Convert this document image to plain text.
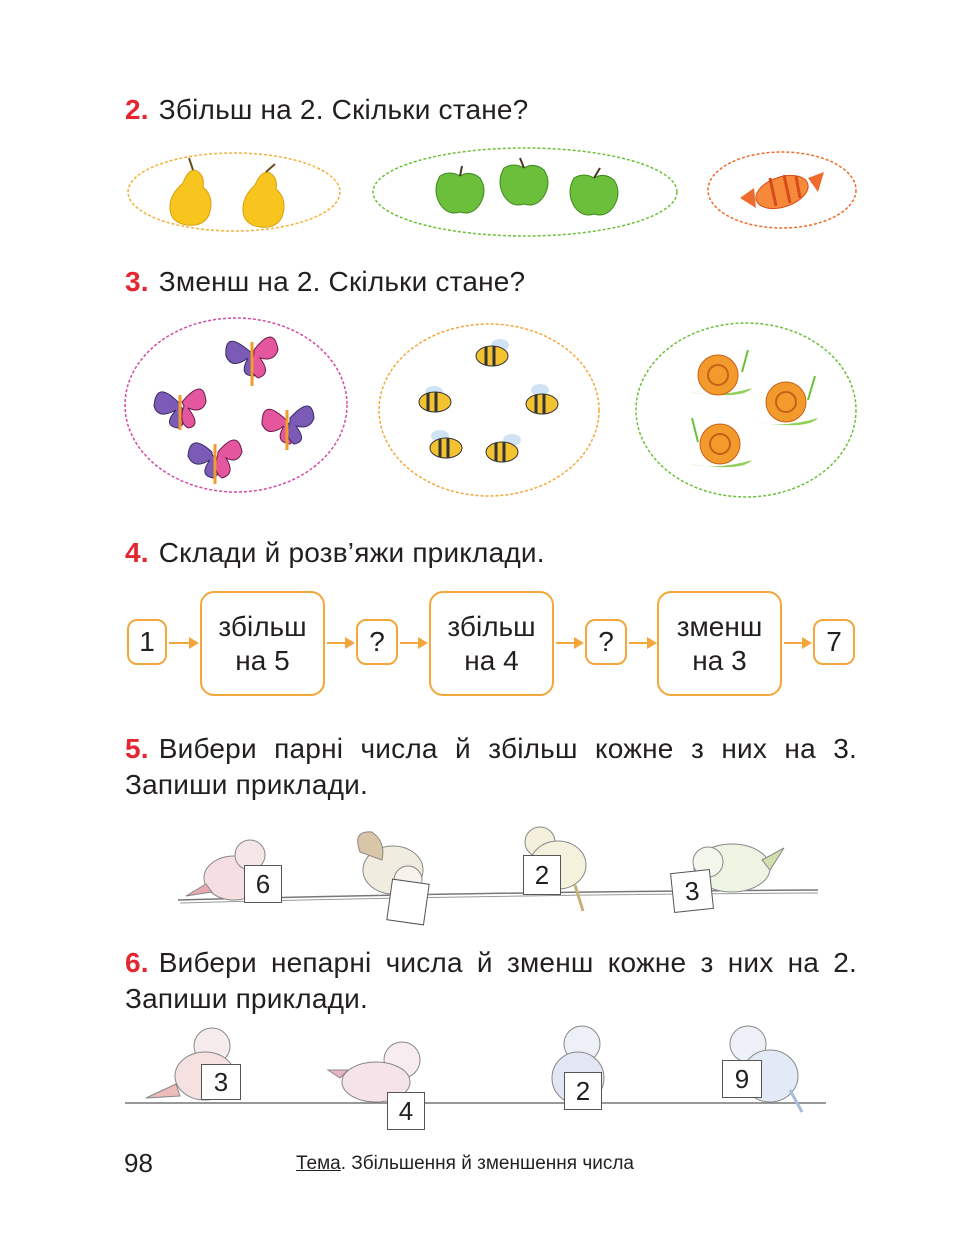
2. Збільш на 2. Скільки стане?
3. Зменш на 2. Скільки стане?
4. Склади й розв’яжи приклади.
1 збільш
на 5
? збільш
на 4
? зменш
на 3
7
5. Вибери парні числа й збільш кожне з них на 3. Запиши приклади.
6	2
3
6. Вибери непарні числа й зменш кожне з них на 2. Запиши приклади.
3
4
2	9
98	Тема. Збільшення й зменшення числа
